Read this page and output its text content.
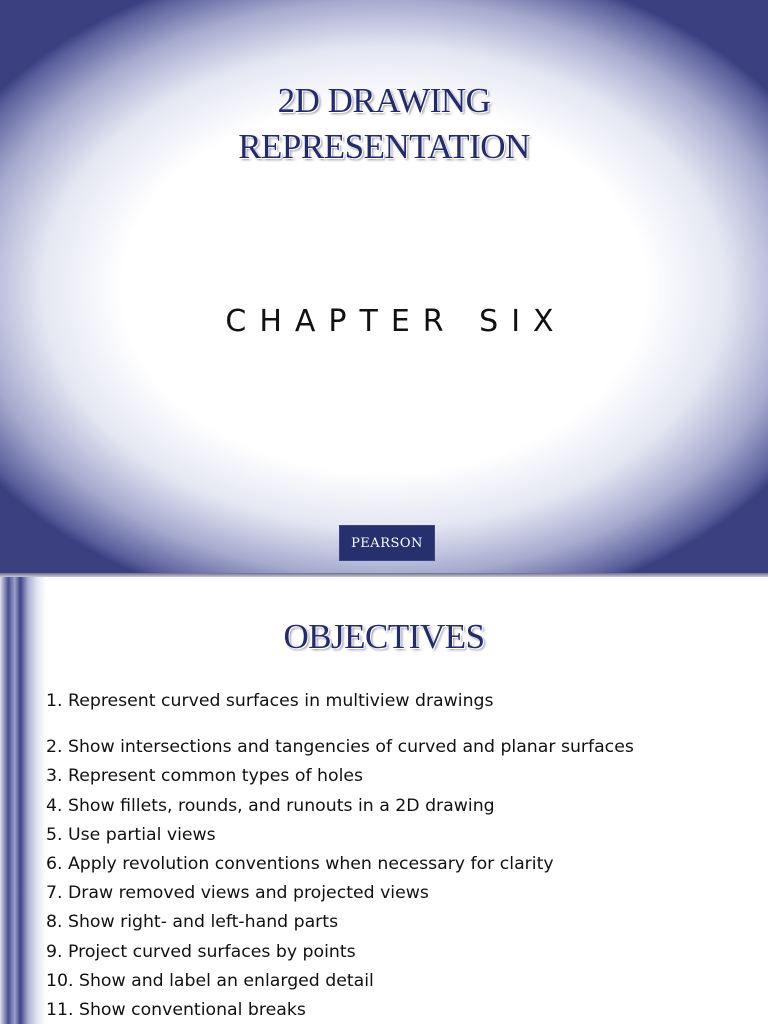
2D DRAWING
REPRESENTATION
CHAPTER SIX
PEARSON
OBJECTIVES
1. Represent curved surfaces in multiview drawings
2. Show intersections and tangencies of curved and planar surfaces
3. Represent common types of holes
4. Show fillets, rounds, and runouts in a 2D drawing
5. Use partial views
6. Apply revolution conventions when necessary for clarity
7. Draw removed views and projected views
8. Show right- and left-hand parts
9. Project curved surfaces by points
10. Show and label an enlarged detail
11. Show conventional breaks
